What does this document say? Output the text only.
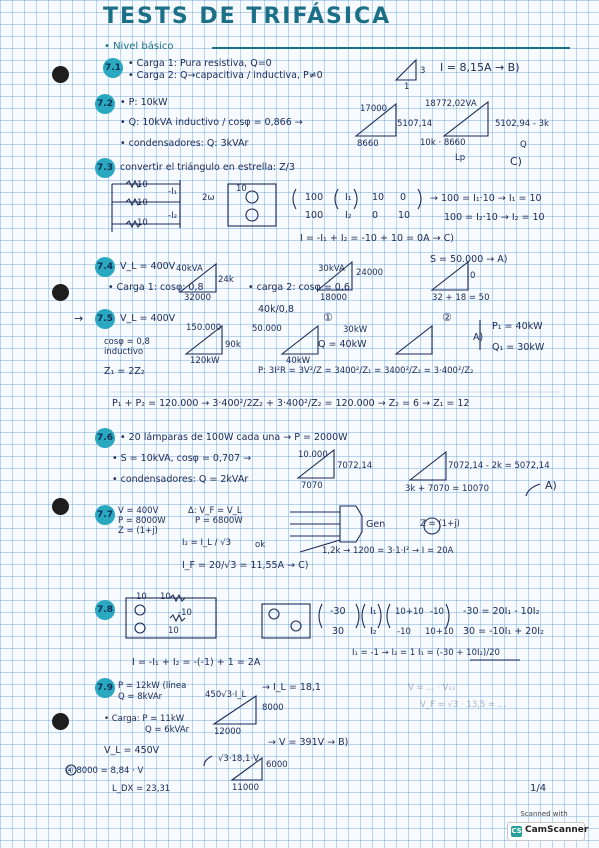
TESTS DE TRIFÁSICA
• Nivel básico
7.1 • Carga 1: Pura resistiva, Q=0
• Carga 2: Q→capacitiva / inductiva, P≠0
I = 8,15A → B)
3
1
7.2 • P: 10kW
• Q: 10kVA inductivo / cosφ = 0,866 →
• condensadores: Q: 3kVAr
17000
5107,14
8660
18772,02VA
5102,94 - 3k
10k · 8660
Lp
Q
C)
7.3 convertir el triángulo en estrella: Z/3
10
10
10
-I₁
-I₂
2ω
10
100
100
I₁
I₂
10 0
0 10
→ 100 = I₁·10 → I₁ = 10
100 = I₂·10 → I₂ = 10
I = -I₁ + I₂ = -10 + 10 = 0A → C)
7.4 V_L = 400V
• Carga 1: cosφ: 0,8	• carga 2: cosφ = 0,6
40kVA
24k
32000
30kVA 24000
18000
S = 50.000 → A)
0
32 + 18 = 50
→ 7.5 V_L = 400V
cosφ = 0,8
inductivo
Z₁ = 2Z₂
150.000
90k
120kW
40k/0,8
50.000
40kW
30kW
Q = 40kW
①	②
P₁ = 40kW
Q₁ = 30kW
A)
P: 3I²R = 3V²/Z = 3400²/Z₁ = 3400²/Z₂ = 3·400²/Z₂
P₁ + P₂ = 120.000 → 3·400²/2Z₂ + 3·400²/Z₂ = 120.000 → Z₂ = 6 → Z₁ = 12
7.6 • 20 lámparas de 100W cada una → P = 2000W
• S = 10kVA, cosφ = 0,707 →
• condensadores: Q = 2kVAr
10.000
7072,14
7070
7072,14 - 2k = 5072,14
3k + 7070 = 10070	A)
7.7 V = 400V
P = 8000W
Z = (1+j)
I₂ = I_L / √3
I_F = 20/√3 = 11,55A → C)
Δ: V_F = V_L
P = 6800W
ok
Gen	Z = (1+j)
1,2k → 1200 = 3·1·I² → I = 20A
7.8
10 10
10
-10	-30
30
I₁
I₂
10+10 -10
-10 10+10
-30 = 20I₁ - 10I₂
30 = -10I₁ + 20I₂
I₁ = -1 → I₂ = 1 I₁ = (-30 + 10I₂)/20
I = -I₁ + I₂ = -(-1) + 1 = 2A
7.9 P = 12kW (línea
Q = 8kVAr
• Carga: P = 11kW
Q = 6kVAr
V_L = 450V
④ 8000 = 8,84 · V
L_DX = 23,31
450√3·I_L
8000
12000
→ I_L = 18,1
√3·18,1·V
6000
11000
→ V = 391V → B)
V = ... · V₁₃
V_F = √3 · 13,5 = ...
1/4
Scanned with
CS CamScanner
